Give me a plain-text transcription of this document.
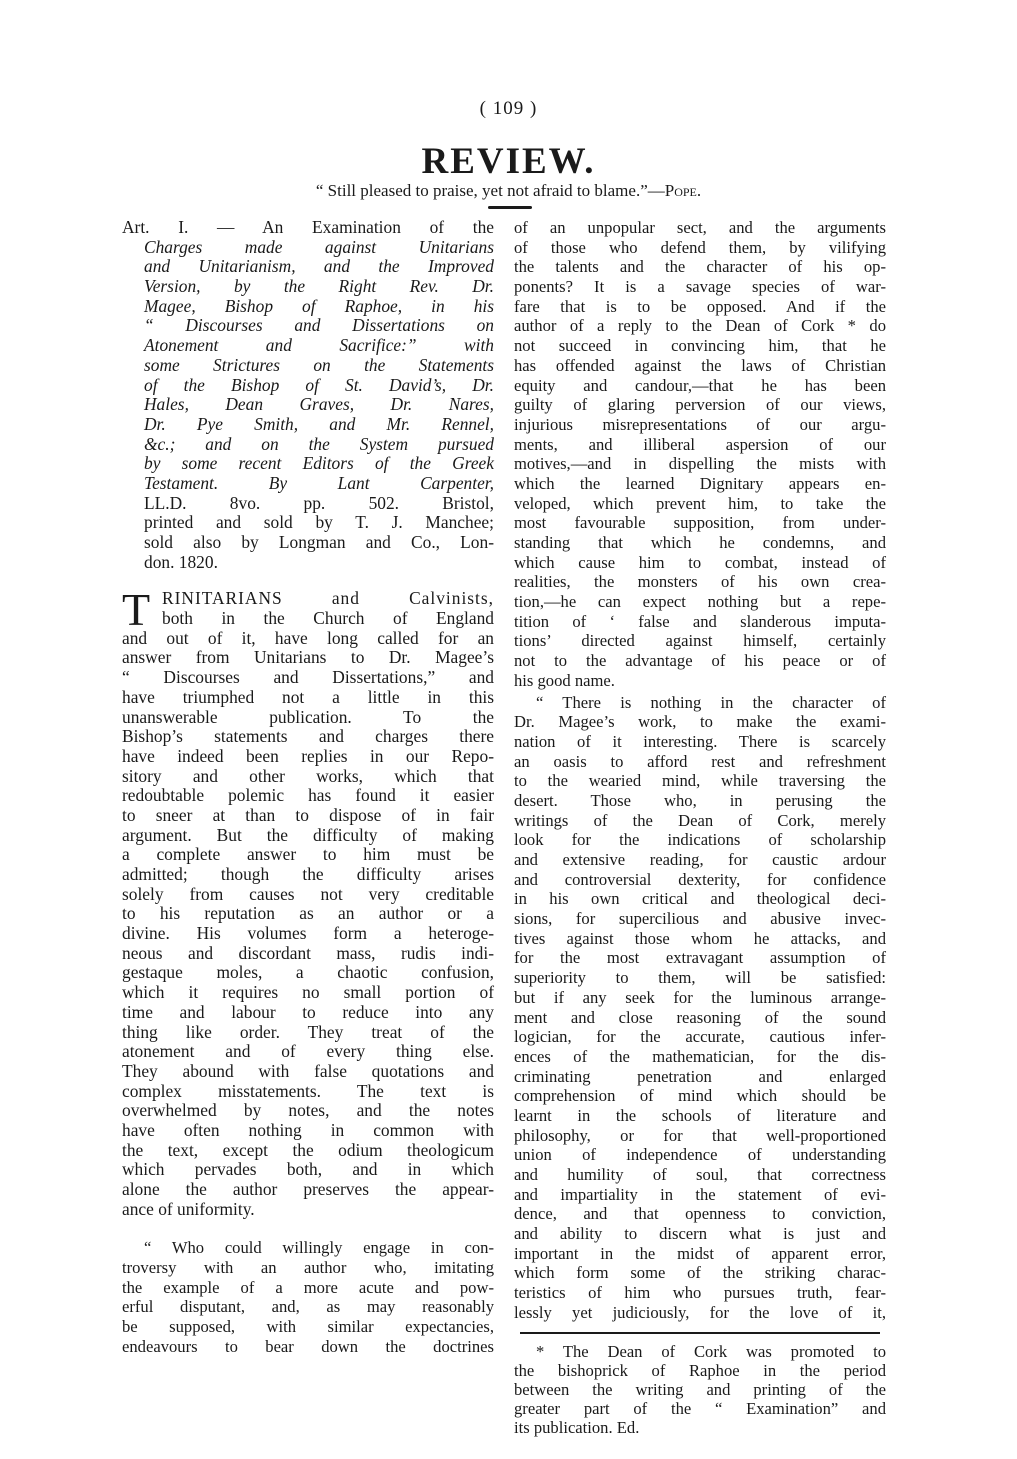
( 109 )
REVIEW.
“ Still pleased to praise, yet not afraid to blame.”—Pope.
Art. I. — An Examination of the
Charges made against Unitarians
and Unitarianism, and the Improved
Version, by the Right Rev. Dr.
Magee, Bishop of Raphoe, in his
“ Discourses and Dissertations on
Atonement and Sacrifice:” with
some Strictures on the Statements
of the Bishop of St. David’s, Dr.
Hales, Dean Graves, Dr. Nares,
Dr. Pye Smith, and Mr. Rennel,
&c.; and on the System pursued
by some recent Editors of the Greek
Testament. By Lant Carpenter,
LL.D. 8vo. pp. 502. Bristol,
printed and sold by T. J. Manchee;
sold also by Longman and Co., Lon-
don. 1820.
T RINITARIANS and Calvinists,
both in the Church of England
and out of it, have long called for an
answer from Unitarians to Dr. Magee’s
“ Discourses and Dissertations,” and
have triumphed not a little in this
unanswerable publication. To the
Bishop’s statements and charges there
have indeed been replies in our Repo-
sitory and other works, which that
redoubtable polemic has found it easier
to sneer at than to dispose of in fair
argument. But the difficulty of making
a complete answer to him must be
admitted; though the difficulty arises
solely from causes not very creditable
to his reputation as an author or a
divine. His volumes form a heteroge-
neous and discordant mass, rudis indi-
gestaque moles, a chaotic confusion,
which it requires no small portion of
time and labour to reduce into any
thing like order. They treat of the
atonement and of every thing else.
They abound with false quotations and
complex misstatements. The text is
overwhelmed by notes, and the notes
have often nothing in common with
the text, except the odium theologicum
which pervades both, and in which
alone the author preserves the appear-
ance of uniformity.
“ Who could willingly engage in con-
troversy with an author who, imitating
the example of a more acute and pow-
erful disputant, and, as may reasonably
be supposed, with similar expectancies,
endeavours to bear down the doctrines
of an unpopular sect, and the arguments
of those who defend them, by vilifying
the talents and the character of his op-
ponents? It is a savage species of war-
fare that is to be opposed. And if the
author of a reply to the Dean of Cork * do
not succeed in convincing him, that he
has offended against the laws of Christian
equity and candour,—that he has been
guilty of glaring perversion of our views,
injurious misrepresentations of our argu-
ments, and illiberal aspersion of our
motives,—and in dispelling the mists with
which the learned Dignitary appears en-
veloped, which prevent him, to take the
most favourable supposition, from under-
standing that which he condemns, and
which cause him to combat, instead of
realities, the monsters of his own crea-
tion,—he can expect nothing but a repe-
tition of ‘ false and slanderous imputa-
tions’ directed against himself, certainly
not to the advantage of his peace or of
his good name.
“ There is nothing in the character of
Dr. Magee’s work, to make the exami-
nation of it interesting. There is scarcely
an oasis to afford rest and refreshment
to the wearied mind, while traversing the
desert. Those who, in perusing the
writings of the Dean of Cork, merely
look for the indications of scholarship
and extensive reading, for caustic ardour
and controversial dexterity, for confidence
in his own critical and theological deci-
sions, for supercilious and abusive invec-
tives against those whom he attacks, and
for the most extravagant assumption of
superiority to them, will be satisfied:
but if any seek for the luminous arrange-
ment and close reasoning of the sound
logician, for the accurate, cautious infer-
ences of the mathematician, for the dis-
criminating penetration and enlarged
comprehension of mind which should be
learnt in the schools of literature and
philosophy, or for that well-proportioned
union of independence of understanding
and humility of soul, that correctness
and impartiality in the statement of evi-
dence, and that openness to conviction,
and ability to discern what is just and
important in the midst of apparent error,
which form some of the striking charac-
teristics of him who pursues truth, fear-
lessly yet judiciously, for the love of it,
* The Dean of Cork was promoted to
the bishoprick of Raphoe in the period
between the writing and printing of the
greater part of the “ Examination” and
its publication. Ed.
